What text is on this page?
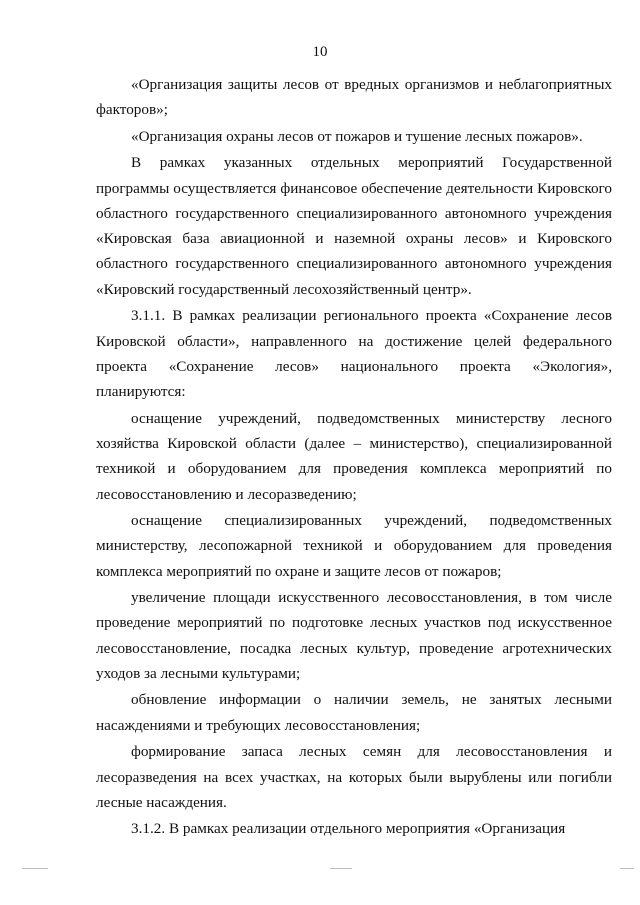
10

«Организация защиты лесов от вредных организмов и неблагоприятных факторов»;

«Организация охраны лесов от пожаров и тушение лесных пожаров».

В рамках указанных отдельных мероприятий Государственной программы осуществляется финансовое обеспечение деятельности Кировского областного государственного специализированного автономного учреждения «Кировская база авиационной и наземной охраны лесов» и Кировского областного государственного специализированного автономного учреждения «Кировский государственный лесохозяйственный центр».

3.1.1. В рамках реализации регионального проекта «Сохранение лесов Кировской области», направленного на достижение целей федерального проекта «Сохранение лесов» национального проекта «Экология», планируются:

оснащение учреждений, подведомственных министерству лесного хозяйства Кировской области (далее – министерство), специализированной техникой и оборудованием для проведения комплекса мероприятий по лесовосстановлению и лесоразведению;

оснащение специализированных учреждений, подведомственных министерству, лесопожарной техникой и оборудованием для проведения комплекса мероприятий по охране и защите лесов от пожаров;

увеличение площади искусственного лесовосстановления, в том числе проведение мероприятий по подготовке лесных участков под искусственное лесовосстановление, посадка лесных культур, проведение агротехнических уходов за лесными культурами;

обновление информации о наличии земель, не занятых лесными насаждениями и требующих лесовосстановления;

формирование запаса лесных семян для лесовосстановления и лесоразведения на всех участках, на которых были вырублены или погибли лесные насаждения.

3.1.2. В рамках реализации отдельного мероприятия «Организация
